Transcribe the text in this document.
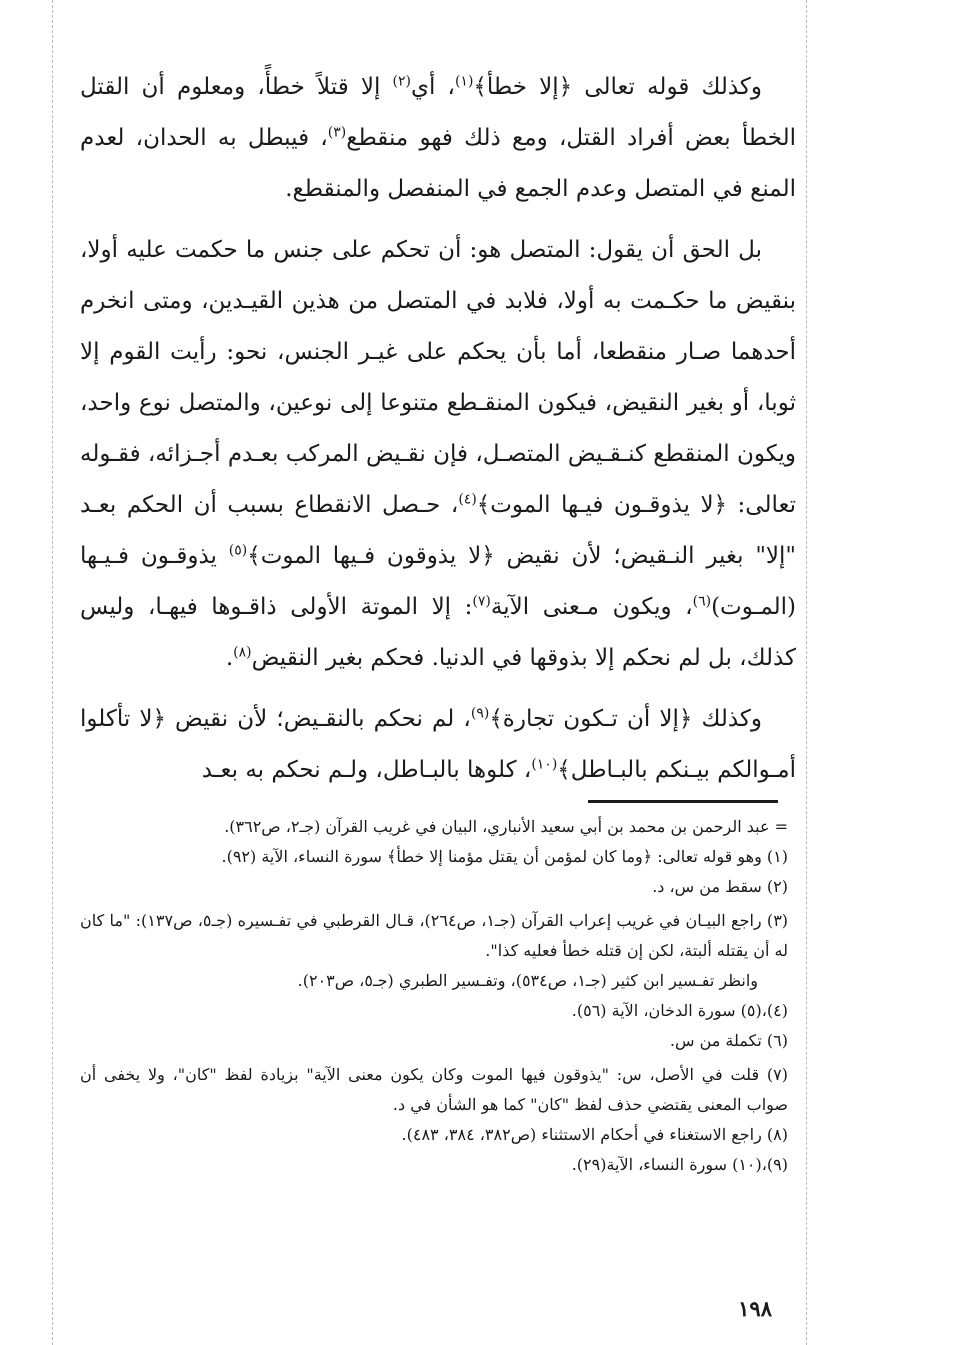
وكذلك قوله تعالى ﴿إلا خطأ﴾$^{(١)}$، أي$^{(٢)}$ إلا قتلاً خطأً، ومعلوم أن القتل الخطأ بعض أفراد القتل، ومع ذلك فهو منقطع$^{(٣)}$، فيبطل به الحدان، لعدم المنع في المتصل وعدم الجمع في المنفصل والمنقطع.

بل الحق أن يقول: المتصل هو: أن تحكم على جنس ما حكمت عليه أولا، بنقيض ما حكـمت به أولا، فلابد في المتصل من هذين القيـدين، ومتى انخرم أحدهما صـار منقطعا، أما بأن يحكم على غيـر الجنس، نحو: رأيت القوم إلا ثوبا، أو بغير النقيض، فيكون المنقـطع متنوعا إلى نوعين، والمتصل نوع واحد، ويكون المنقطع كنـقـيض المتصـل، فإن نقـيض المركب بعـدم أجـزائه، فقـوله تعالى: ﴿لا يذوقـون فيـها الموت﴾$^{(٤)}$، حـصل الانقطاع بسبب أن الحكم بعـد "إلا" بغير النـقيض؛ لأن نقيض ﴿لا يذوقون فـيها الموت﴾$^{(٥)}$ يذوقـون فـيـها (المـوت)$^{(٦)}$، ويكون مـعنى الآية$^{(٧)}$: إلا الموتة الأولى ذاقـوها فيهـا، وليس كذلك، بل لم نحكم إلا بذوقها في الدنيا. فحكم بغير النقيض$^{(٨)}$.

وكذلك ﴿إلا أن تـكون تجارة﴾$^{(٩)}$، لم نحكم بالنقـيض؛ لأن نقيض ﴿لا تأكلوا أمـوالكم بيـنكم بالبـاطل﴾$^{(١٠)}$، كلوها بالبـاطل، ولـم نحكم به بعـد

= عبد الرحمن بن محمد بن أبي سعيد الأنباري، البيان في غريب القرآن (جـ٢، ص٣٦٢).

(١) وهو قوله تعالى: ﴿وما كان لمؤمن أن يقتل مؤمنا إلا خطأ﴾ سورة النساء، الآية (٩٢).

(٢) سقط من س، د.

(٣) راجع البيـان في غريب إعراب القرآن (جـ١، ص٢٦٤)، قـال القرطبي في تفـسيره (جـ٥، ص١٣٧): "ما كان له أن يقتله ألبتة، لكن إن قتله خطأ فعليه كذا".

وانظر تفـسير ابن كثير (جـ١، ص٥٣٤)، وتفـسير الطبري (جـ٥، ص٢٠٣).

(٤)،(٥) سورة الدخان، الآية (٥٦).

(٦) تكملة من س.

(٧) قلت في الأصل، س: "يذوقون فيها الموت وكان يكون معنى الآية" بزيادة لفظ "كان"، ولا يخفى أن صواب المعنى يقتضي حذف لفظ "كان" كما هو الشأن في د.

(٨) راجع الاستغناء في أحكام الاستثناء (ص٣٨٢، ٣٨٤، ٤٨٣).

(٩)،(١٠) سورة النساء، الآية(٢٩).

١٩٨
